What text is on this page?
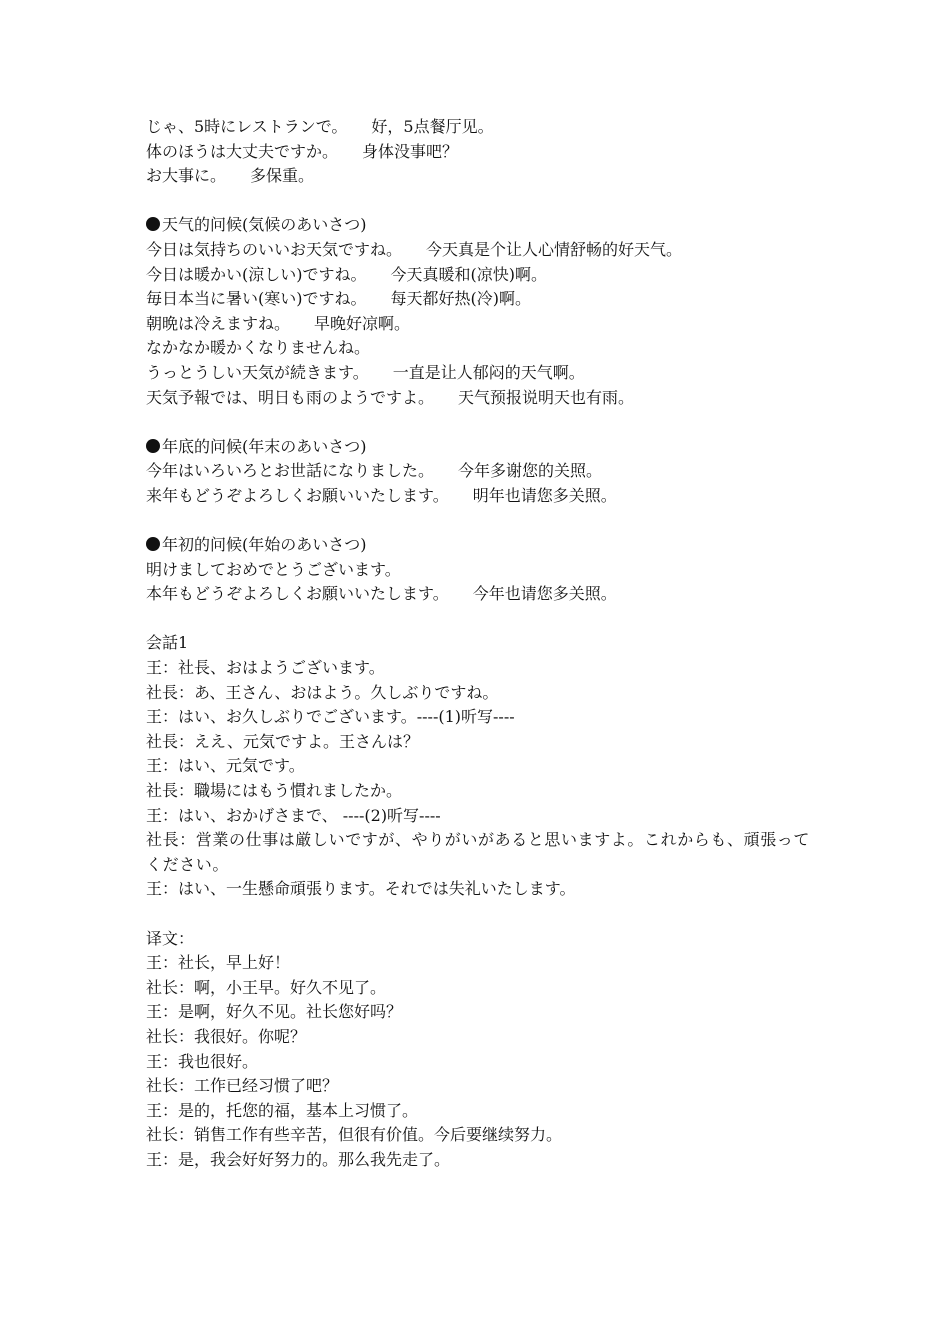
じゃ、5時にレストランで。　　 好，5点餐厅见。
体のほうは大丈夫ですか。　　 身体没事吧？
お大事に。　　 多保重。
天气的问候(気候のあいさつ)
今日は気持ちのいいお天気ですね。　　 今天真是个让人心情舒畅的好天气。
今日は暖かい(涼しい)ですね。　　 今天真暖和(凉快)啊。
毎日本当に暑い(寒い)ですね。　　 每天都好热(冷)啊。
朝晩は冷えますね。　　 早晚好凉啊。
なかなか暖かくなりませんね。
うっとうしい天気が続きます。　　 一直是让人郁闷的天气啊。
天気予報では、明日も雨のようですよ。　　 天气预报说明天也有雨。
年底的问候(年末のあいさつ)
今年はいろいろとお世話になりました。　　 今年多谢您的关照。
来年もどうぞよろしくお願いいたします。　　 明年也请您多关照。
年初的问候(年始のあいさつ)
明けましておめでとうございます。
本年もどうぞよろしくお願いいたします。　　 今年也请您多关照。
会話1
王：社長、おはようございます。
社長：あ、王さん、おはよう。久しぶりですね。
王：はい、お久しぶりでございます。----(1)听写----
社長：ええ、元気ですよ。王さんは？
王：はい、元気です。
社長：職場にはもう慣れましたか。
王：はい、おかげさまで、 ----(2)听写----
社長：営業の仕事は厳しいですが、やりがいがあると思いますよ。これからも、頑張ってください。
王：はい、一生懸命頑張ります。それでは失礼いたします。
译文：
王：社长，早上好！
社长：啊，小王早。好久不见了。
王：是啊，好久不见。社长您好吗？
社长：我很好。你呢？
王：我也很好。
社长：工作已经习惯了吧？
王：是的，托您的福，基本上习惯了。
社长：销售工作有些辛苦，但很有价值。今后要继续努力。
王：是，我会好好努力的。那么我先走了。
